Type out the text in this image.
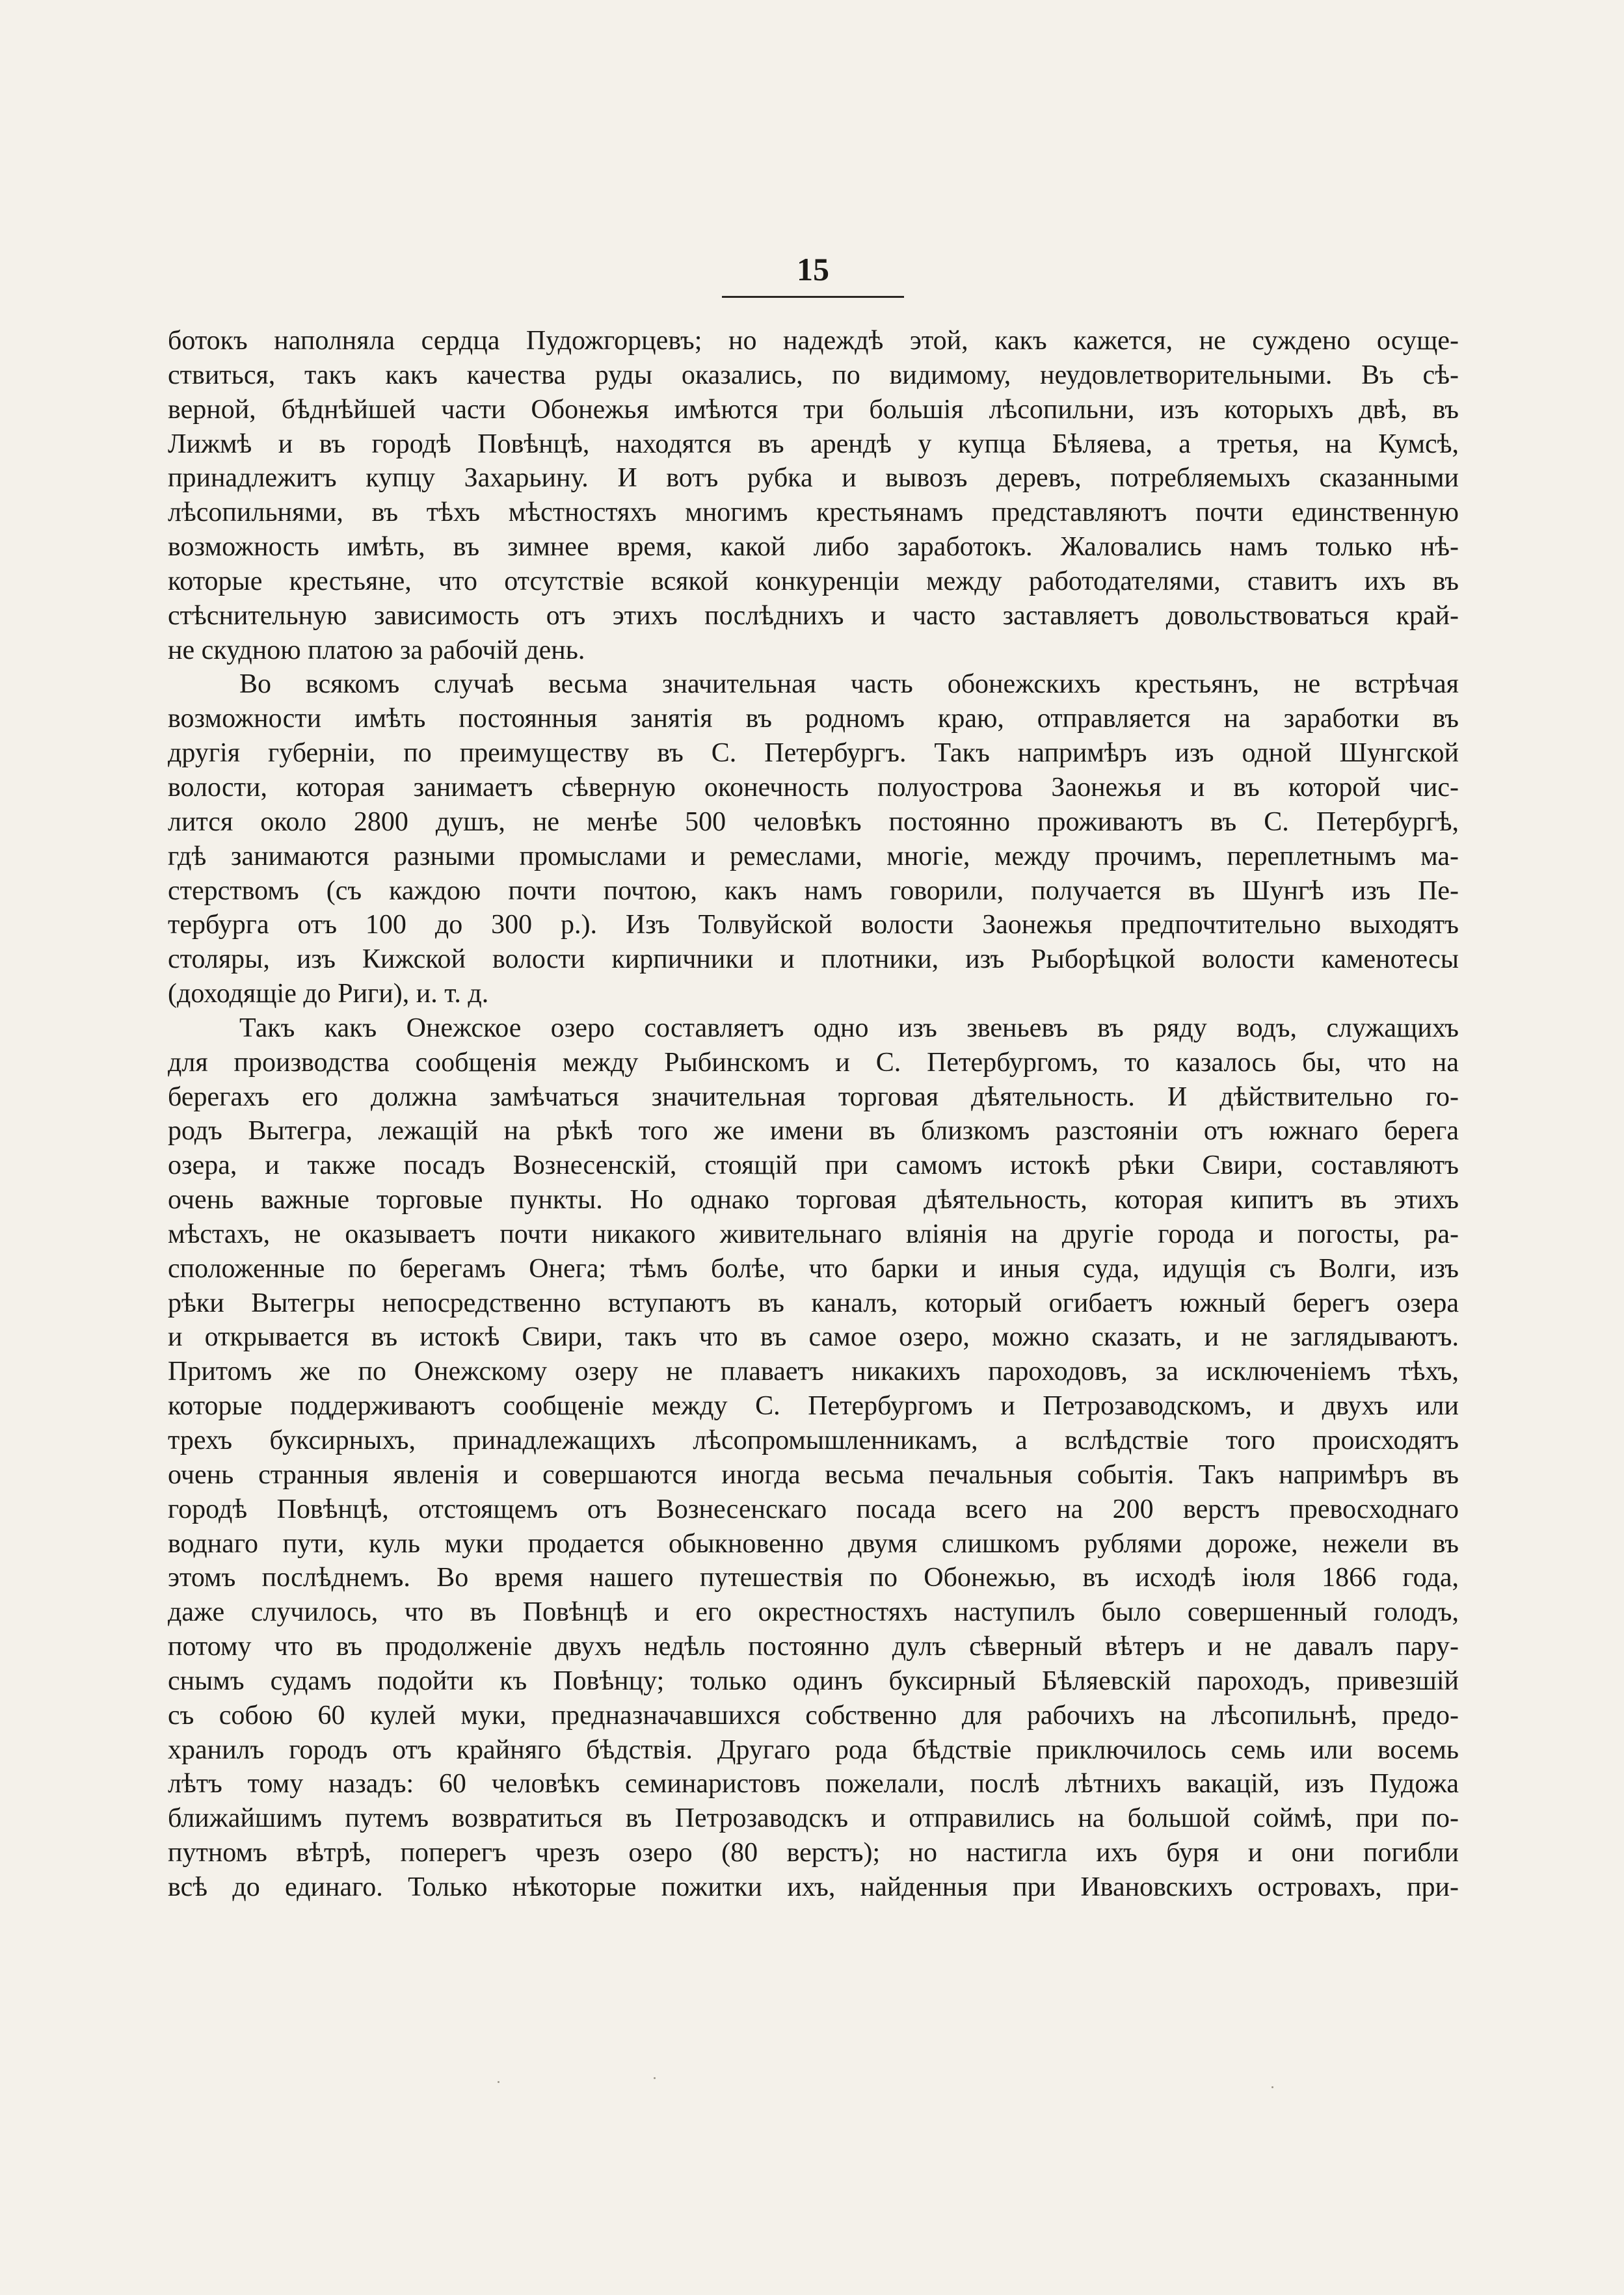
15
ботокъ наполняла сердца Пудожгорцевъ; но надеждѣ этой, какъ кажется, не суждено осуще-
ствиться, такъ какъ качества руды оказались, по видимому, неудовлетворительными. Въ сѣ-
верной, бѣднѣйшей части Обонежья имѣются три большія лѣсопильни, изъ которыхъ двѣ, въ
Лижмѣ и въ городѣ Повѣнцѣ, находятся въ арендѣ у купца Бѣляева, а третья, на Кумсѣ,
принадлежитъ купцу Захарьину. И вотъ рубка и вывозъ деревъ, потребляемыхъ сказанными
лѣсопильнями, въ тѣхъ мѣстностяхъ многимъ крестьянамъ представляютъ почти единственную
возможность имѣть, въ зимнее время, какой либо заработокъ. Жаловались намъ только нѣ-
которые крестьяне, что отсутствіе всякой конкуренціи между работодателями, ставитъ ихъ въ
стѣснительную зависимость отъ этихъ послѣднихъ и часто заставляетъ довольствоваться край-
не скудною платою за рабочій день.
Во всякомъ случаѣ весьма значительная часть обонежскихъ крестьянъ, не встрѣчая
возможности имѣть постоянныя занятія въ родномъ краю, отправляется на заработки въ
другія губерніи, по преимуществу въ С. Петербургъ. Такъ напримѣръ изъ одной Шунгской
волости, которая занимаетъ сѣверную оконечность полуострова Заонежья и въ которой чис-
лится около 2800 душъ, не менѣе 500 человѣкъ постоянно проживаютъ въ С. Петербургѣ,
гдѣ занимаются разными промыслами и ремеслами, многіе, между прочимъ, переплетнымъ ма-
стерствомъ (съ каждою почти почтою, какъ намъ говорили, получается въ Шунгѣ изъ Пе-
тербурга отъ 100 до 300 р.). Изъ Толвуйской волости Заонежья предпочтительно выходятъ
столяры, изъ Кижской волости кирпичники и плотники, изъ Рыборѣцкой волости каменотесы
(доходящіе до Риги), и. т. д.
Такъ какъ Онежское озеро составляетъ одно изъ звеньевъ въ ряду водъ, служащихъ
для производства сообщенія между Рыбинскомъ и С. Петербургомъ, то казалось бы, что на
берегахъ его должна замѣчаться значительная торговая дѣятельность. И дѣйствительно го-
родъ Вытегра, лежащій на рѣкѣ того же имени въ близкомъ разстояніи отъ южнаго берега
озера, и также посадъ Вознесенскій, стоящій при самомъ истокѣ рѣки Свири, составляютъ
очень важные торговые пункты. Но однако торговая дѣятельность, которая кипитъ въ этихъ
мѣстахъ, не оказываетъ почти никакого живительнаго вліянія на другіе города и погосты, ра-
сположенные по берегамъ Онега; тѣмъ болѣе, что барки и иныя суда, идущія съ Волги, изъ
рѣки Вытегры непосредственно вступаютъ въ каналъ, который огибаетъ южный берегъ озера
и открывается въ истокѣ Свири, такъ что въ самое озеро, можно сказать, и не заглядываютъ.
Притомъ же по Онежскому озеру не плаваетъ никакихъ пароходовъ, за исключеніемъ тѣхъ,
которые поддерживаютъ сообщеніе между С. Петербургомъ и Петрозаводскомъ, и двухъ или
трехъ буксирныхъ, принадлежащихъ лѣсопромышленникамъ, а вслѣдствіе того происходятъ
очень странныя явленія и совершаются иногда весьма печальныя событія. Такъ напримѣръ въ
городѣ Повѣнцѣ, отстоящемъ отъ Вознесенскаго посада всего на 200 верстъ превосходнаго
воднаго пути, куль муки продается обыкновенно двумя слишкомъ рублями дороже, нежели въ
этомъ послѣднемъ. Во время нашего путешествія по Обонежью, въ исходѣ іюля 1866 года,
даже случилось, что въ Повѣнцѣ и его окрестностяхъ наступилъ было совершенный голодъ,
потому что въ продолженіе двухъ недѣль постоянно дулъ сѣверный вѣтеръ и не давалъ пару-
снымъ судамъ подойти къ Повѣнцу; только одинъ буксирный Бѣляевскій пароходъ, привезшій
съ собою 60 кулей муки, предназначавшихся собственно для рабочихъ на лѣсопильнѣ, предо-
хранилъ городъ отъ крайняго бѣдствія. Другаго рода бѣдствіе приключилось семь или восемь
лѣтъ тому назадъ: 60 человѣкъ семинаристовъ пожелали, послѣ лѣтнихъ вакацій, изъ Пудожа
ближайшимъ путемъ возвратиться въ Петрозаводскъ и отправились на большой соймѣ, при по-
путномъ вѣтрѣ, поперегъ чрезъ озеро (80 верстъ); но настигла ихъ буря и они погибли
всѣ до единаго. Только нѣкоторые пожитки ихъ, найденныя при Ивановскихъ островахъ, при-
